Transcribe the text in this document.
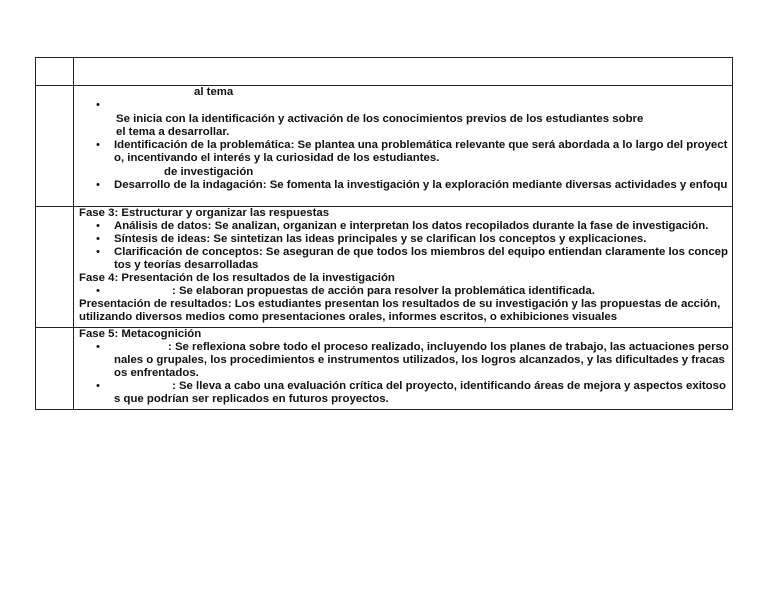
al tema
Se inicia con la identificación y activación de los conocimientos previos de los estudiantes sobre
el tema a desarrollar.
• Identificación de la problemática: Se plantea una problemática relevante que será abordada a lo largo del proyect
o, incentivando el interés y la curiosidad de los estudiantes.
de investigación
• Desarrollo de la indagación: Se fomenta la investigación y la exploración mediante diversas actividades y enfoqu
Fase 3: Estructurar y organizar las respuestas
• Análisis de datos: Se analizan, organizan e interpretan los datos recopilados durante la fase de investigación.
• Síntesis de ideas: Se sintetizan las ideas principales y se clarifican los conceptos y explicaciones.
• Clarificación de conceptos: Se aseguran de que todos los miembros del equipo entiendan claramente los concep
tos y teorías desarrolladas
Fase 4: Presentación de los resultados de la investigación
: Se elaboran propuestas de acción para resolver la problemática identificada.
Presentación de resultados: Los estudiantes presentan los resultados de su investigación y las propuestas de acción,
utilizando diversos medios como presentaciones orales, informes escritos, o exhibiciones visuales
Fase 5: Metacognición
: Se reflexiona sobre todo el proceso realizado, incluyendo los planes de trabajo, las actuaciones perso
nales o grupales, los procedimientos e instrumentos utilizados, los logros alcanzados, y las dificultades y fracas
os enfrentados.
: Se lleva a cabo una evaluación crítica del proyecto, identificando áreas de mejora y aspectos exitoso
s que podrían ser replicados en futuros proyectos.
